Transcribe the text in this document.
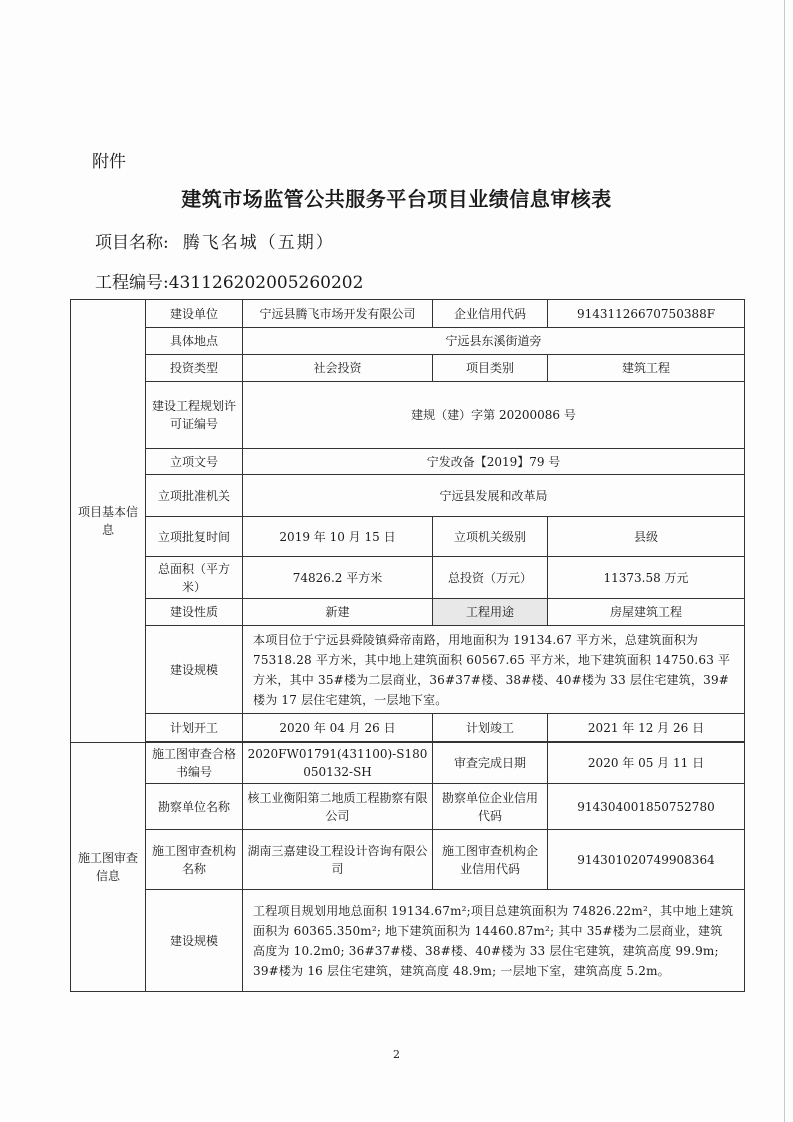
附件
建筑市场监管公共服务平台项目业绩信息审核表
项目名称: 腾飞名城（五期）
工程编号:431126202005260202
项目基本信息	建设单位	宁远县腾飞市场开发有限公司	企业信用代码	91431126670750388F
	具体地点	宁远县东溪街道旁		
	投资类型	社会投资	项目类别	建筑工程
	建设工程规划许可证编号	建规（建）字第 20200086 号		
	立项文号	宁发改备【2019】79 号		
	立项批准机关	宁远县发展和改革局		
	立项批复时间	2019 年 10 月 15 日	立项机关级别	县级
	总面积（平方米）	74826.2 平方米	总投资（万元）	11373.58 万元
	建设性质	新建	工程用途	房屋建筑工程
	建设规模	本项目位于宁远县舜陵镇舜帝南路，用地面积为 19134.67 平方米，总建筑面积为 75318.28 平方米，其中地上建筑面积 60567.65 平方米，地下建筑面积 14750.63 平方米，其中 35#楼为二层商业，36#37#楼、38#楼、40#楼为 33 层住宅建筑，39#楼为 17 层住宅建筑，一层地下室。		
	计划开工	2020 年 04 月 26 日	计划竣工	2021 年 12 月 26 日

施工图审查信息	施工图审查合格书编号	2020FW01791(431100)-S180050132-SH	审查完成日期	2020 年 05 月 11 日
	勘察单位名称	核工业衡阳第二地质工程勘察有限公司	勘察单位企业信用代码	914304001850752780
	施工图审查机构名称	湖南三嘉建设工程设计咨询有限公司	施工图审查机构企业信用代码	914301020749908364
	建设规模	工程项目规划用地总面积 19134.67m²;项目总建筑面积为 74826.22m²，其中地上建筑面积为 60365.350m²; 地下建筑面积为 14460.87m²; 其中 35#楼为二层商业，建筑高度为 10.2m0; 36#37#楼、38#楼、40#楼为 33 层住宅建筑，建筑高度 99.9m; 39#楼为 16 层住宅建筑，建筑高度 48.9m; 一层地下室，建筑高度 5.2m。		
2
